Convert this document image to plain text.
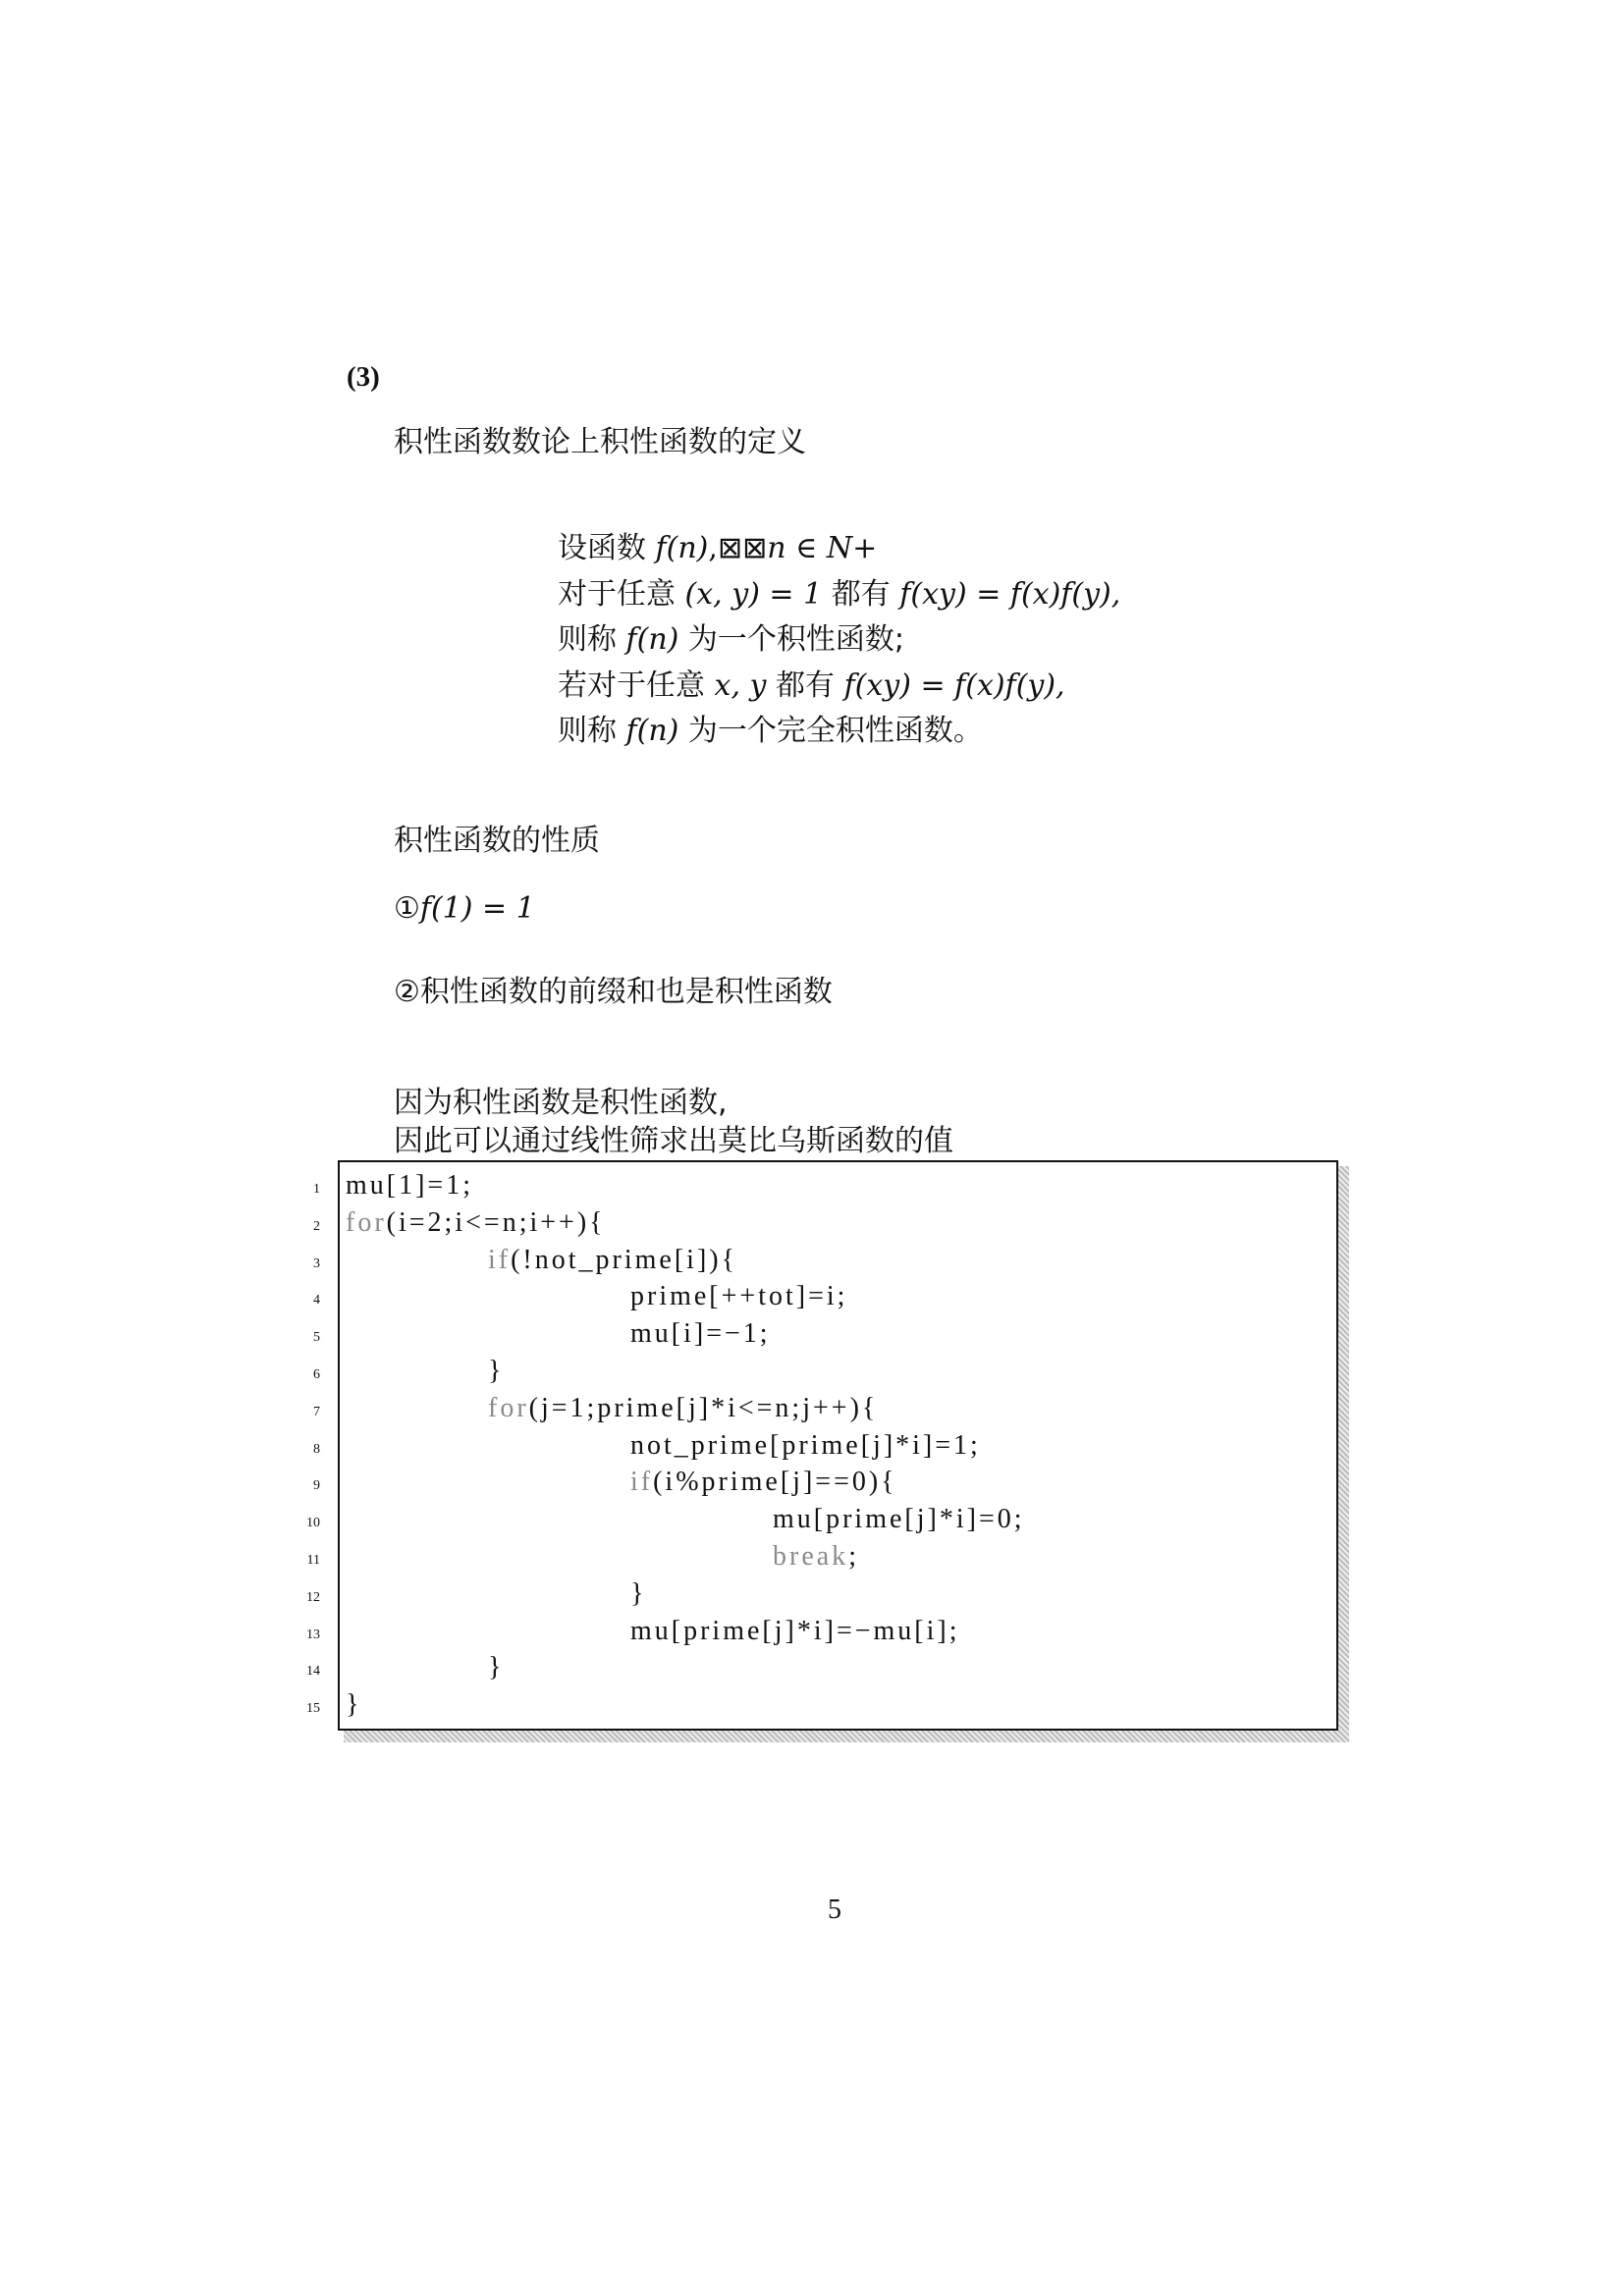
(3)
积性函数数论上积性函数的定义
设函数 f(n),⊠⊠n ∈ N+
对于任意 (x, y) = 1 都有 f(xy) = f(x)f(y),
则称 f(n) 为一个积性函数;
若对于任意 x, y 都有 f(xy) = f(x)f(y),
则称 f(n) 为一个完全积性函数。
积性函数的性质
①f(1) = 1
②积性函数的前缀和也是积性函数
因为积性函数是积性函数,
因此可以通过线性筛求出莫比乌斯函数的值
1 mu[1]=1;
2 for(i=2;i<=n;i++){
3	if(!not_prime[i]){
4	prime[++tot]=i;
5	mu[i]=−1;
6	}
7	for(j=1;prime[j]*i<=n;j++){
8	not_prime[prime[j]*i]=1;
9	if(i%prime[j]==0){
10	mu[prime[j]*i]=0;
11	break;
12	}
13	mu[prime[j]*i]=−mu[i];
14	}
15 }
5
